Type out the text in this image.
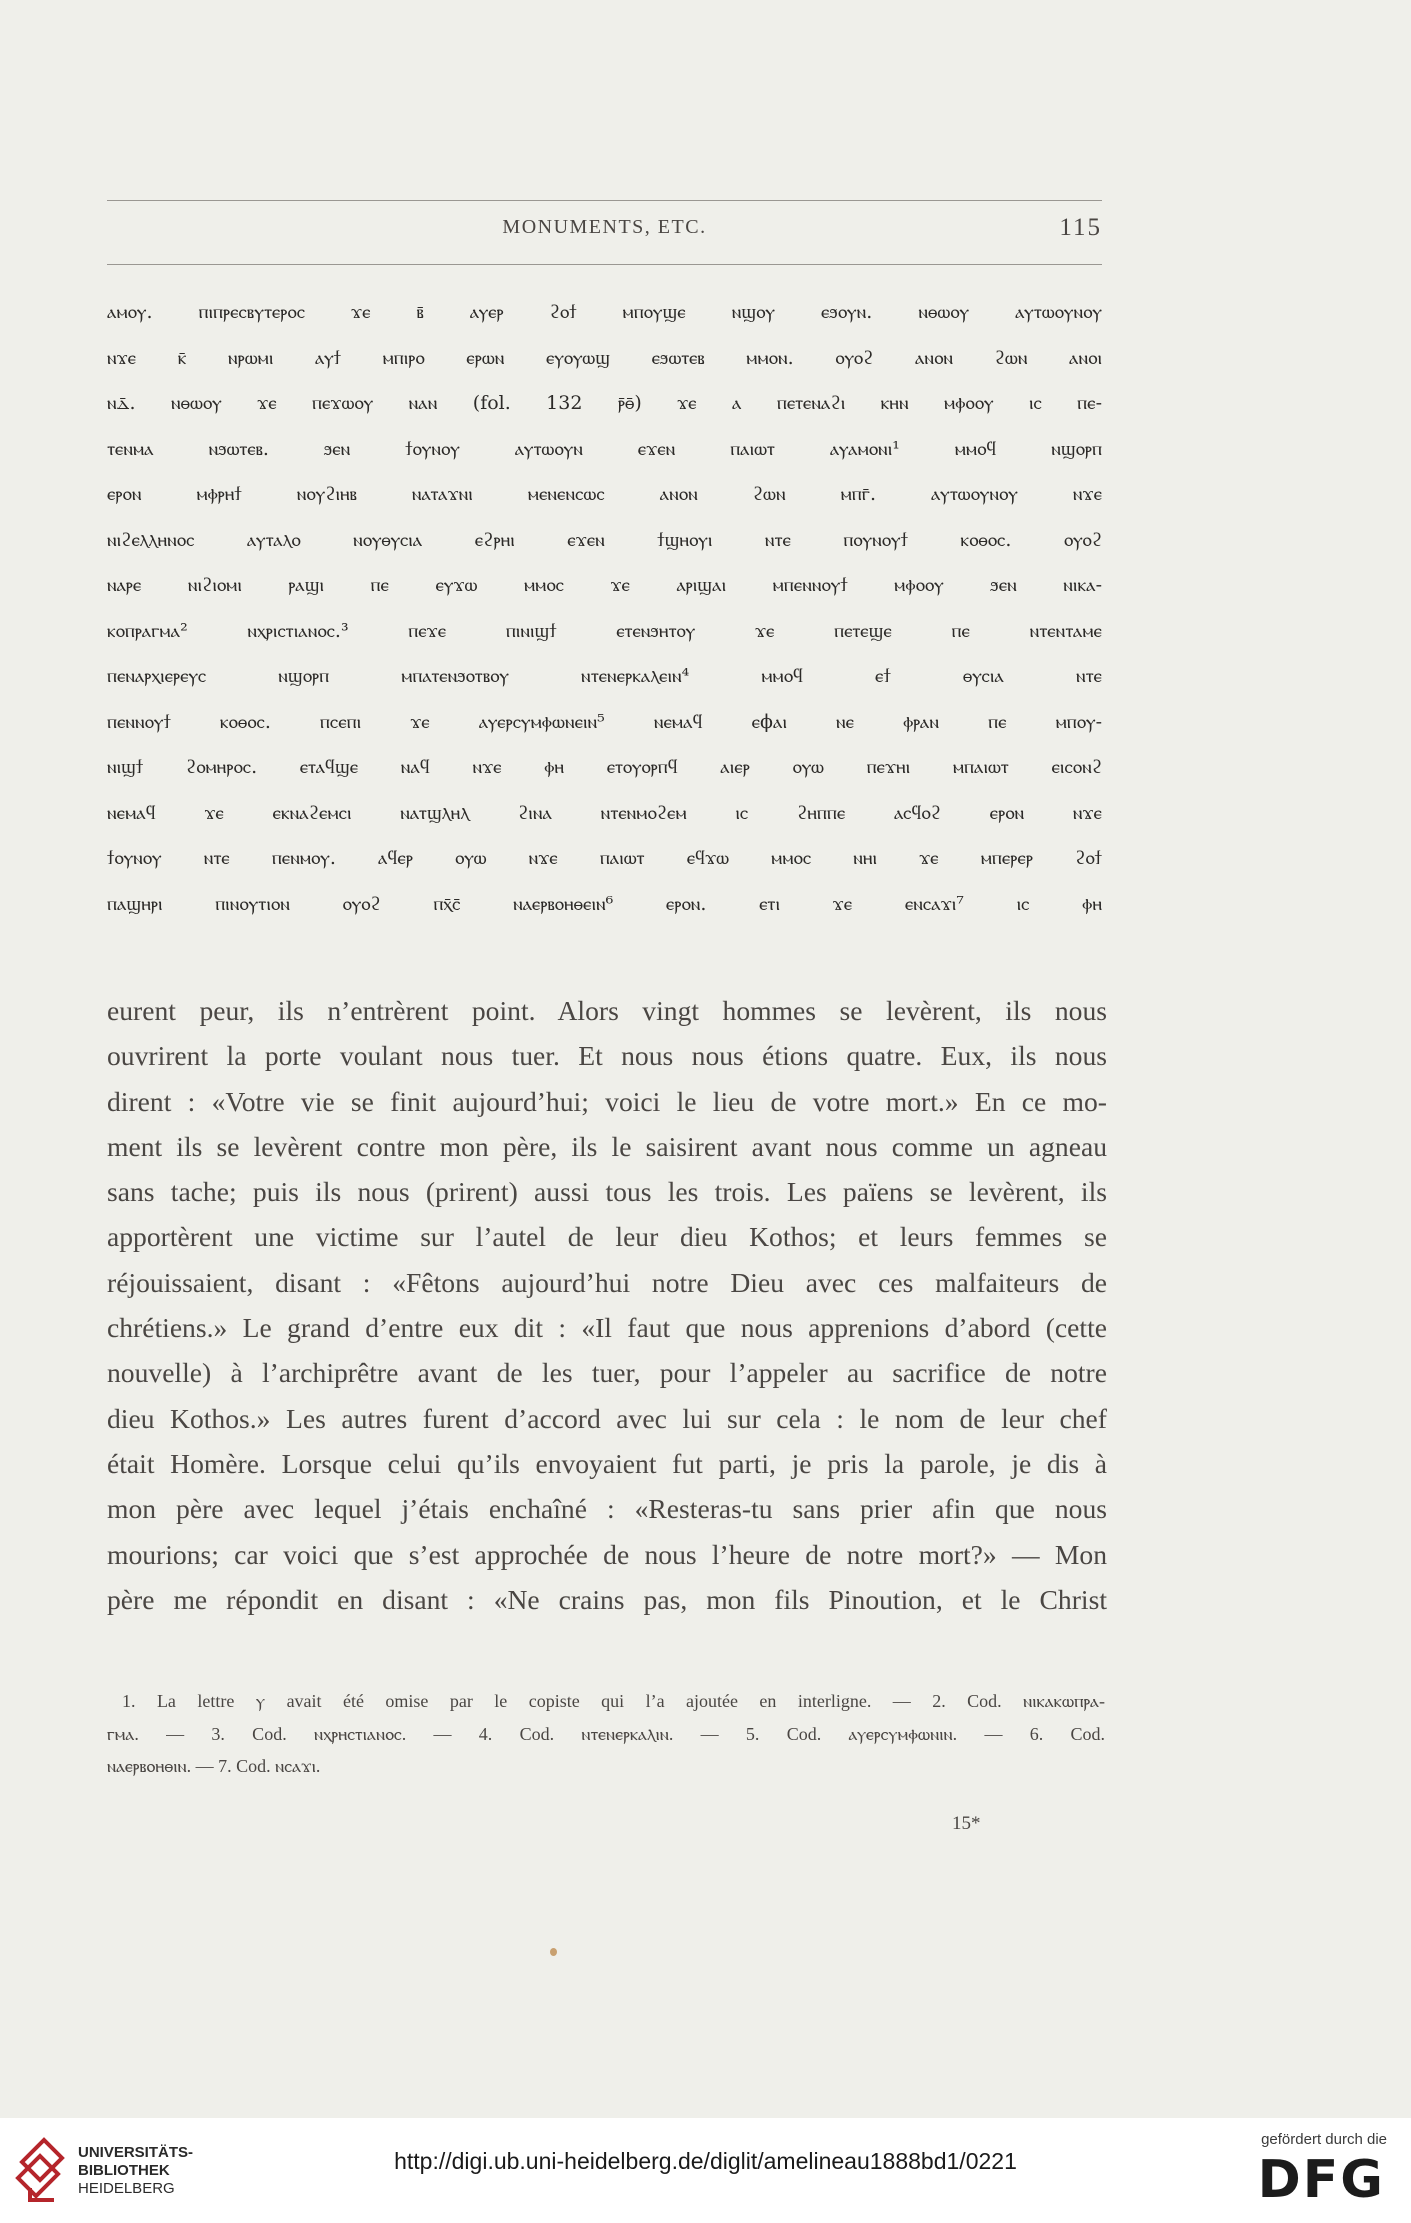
MONUMENTS, ETC.	115
ⲁⲙⲟⲩ. ⲡⲓⲡⲣⲉⲥⲃⲩⲧⲉⲣⲟⲥ ϫⲉ ⲃ̄ ⲁⲩⲉⲣ ϩⲟϯ ⲙⲡⲟⲩϣⲉ ⲛϣⲟⲩ ⲉϧⲟⲩⲛ. ⲛⲑⲱⲟⲩ ⲁⲩⲧⲱⲟⲩⲛⲟⲩ
ⲛϫⲉ ⲕ̄ ⲛⲣⲱⲙⲓ ⲁⲩϯ ⲙⲡⲓⲣⲟ ⲉⲣⲱⲛ ⲉⲩⲟⲩⲱϣ ⲉϧⲱⲧⲉⲃ ⲙⲙⲟⲛ. ⲟⲩⲟϩ ⲁⲛⲟⲛ ϩⲱⲛ ⲁⲛⲟⲓ
ⲛⲇ̄. ⲛⲑⲱⲟⲩ ϫⲉ ⲡⲉϫⲱⲟⲩ ⲛⲁⲛ (fol. 132 ⲣ̄ⲑ̄) ϫⲉ ⲁ ⲡⲉⲧⲉⲛⲁϩⲓ ⲕⲏⲛ ⲙⲫⲟⲟⲩ ⲓⲥ ⲡⲉ-
ⲧⲉⲛⲙⲁ ⲛϧⲱⲧⲉⲃ. ϧⲉⲛ ϯⲟⲩⲛⲟⲩ ⲁⲩⲧⲱⲟⲩⲛ ⲉϫⲉⲛ ⲡⲁⲓⲱⲧ ⲁⲩⲁⲙⲟⲛⲓ¹ ⲙⲙⲟϥ ⲛϣⲟⲣⲡ
ⲉⲣⲟⲛ ⲙⲫⲣⲏϯ ⲛⲟⲩϩⲓⲏⲃ ⲛⲁⲧⲁϫⲛⲓ ⲙⲉⲛⲉⲛⲥⲱⲥ ⲁⲛⲟⲛ ϩⲱⲛ ⲙⲡⲅ̄. ⲁⲩⲧⲱⲟⲩⲛⲟⲩ ⲛϫⲉ
ⲛⲓϩⲉⲗⲗⲏⲛⲟⲥ ⲁⲩⲧⲁⲗⲟ ⲛⲟⲩⲑⲩⲥⲓⲁ ⲉϩⲣⲏⲓ ⲉϫⲉⲛ ϯϣⲏⲟⲩⲓ ⲛⲧⲉ ⲡⲟⲩⲛⲟⲩϯ ⲕⲟⲑⲟⲥ. ⲟⲩⲟϩ
ⲛⲁⲣⲉ ⲛⲓϩⲓⲟⲙⲓ ⲣⲁϣⲓ ⲡⲉ ⲉⲩϫⲱ ⲙⲙⲟⲥ ϫⲉ ⲁⲣⲓϣⲁⲓ ⲙⲡⲉⲛⲛⲟⲩϯ ⲙⲫⲟⲟⲩ ϧⲉⲛ ⲛⲓⲕⲁ-
ⲕⲟⲡⲣⲁⲅⲙⲁ² ⲛⲭⲣⲓⲥⲧⲓⲁⲛⲟⲥ.³ ⲡⲉϫⲉ ⲡⲓⲛⲓϣϯ ⲉⲧⲉⲛϧⲏⲧⲟⲩ ϫⲉ ⲡⲉⲧⲉϣⲉ ⲡⲉ ⲛⲧⲉⲛⲧⲁⲙⲉ
ⲡⲉⲛⲁⲣⲭⲓⲉⲣⲉⲩⲥ ⲛϣⲟⲣⲡ ⲙⲡⲁⲧⲉⲛϧⲟⲧⲃⲟⲩ ⲛⲧⲉⲛⲉⲣⲕⲁⲗⲉⲓⲛ⁴ ⲙⲙⲟϥ ⲉϯ ⲑⲩⲥⲓⲁ ⲛⲧⲉ
ⲡⲉⲛⲛⲟⲩϯ ⲕⲟⲑⲟⲥ. ⲡⲥⲉⲡⲓ ϫⲉ ⲁⲩⲉⲣⲥⲩⲙⲫⲱⲛⲉⲓⲛ⁵ ⲛⲉⲙⲁϥ ⲉϕⲁⲓ ⲛⲉ ⲫⲣⲁⲛ ⲡⲉ ⲙⲡⲟⲩ-
ⲛⲓϣϯ ϩⲟⲙⲏⲣⲟⲥ. ⲉⲧⲁϥϣⲉ ⲛⲁϥ ⲛϫⲉ ⲫⲏ ⲉⲧⲟⲩⲟⲣⲡϥ ⲁⲓⲉⲣ ⲟⲩⲱ ⲡⲉϫⲏⲓ ⲙⲡⲁⲓⲱⲧ ⲉⲓⲥⲟⲛϩ
ⲛⲉⲙⲁϥ ϫⲉ ⲉⲕⲛⲁϩⲉⲙⲥⲓ ⲛⲁⲧϣⲗⲏⲗ ϩⲓⲛⲁ ⲛⲧⲉⲛⲙⲟϩⲉⲙ ⲓⲥ ϩⲏⲡⲡⲉ ⲁⲥϥⲟϩ ⲉⲣⲟⲛ ⲛϫⲉ
ϯⲟⲩⲛⲟⲩ ⲛⲧⲉ ⲡⲉⲛⲙⲟⲩ. ⲁϥⲉⲣ ⲟⲩⲱ ⲛϫⲉ ⲡⲁⲓⲱⲧ ⲉϥϫⲱ ⲙⲙⲟⲥ ⲛⲏⲓ ϫⲉ ⲙⲡⲉⲣⲉⲣ ϩⲟϯ
ⲡⲁϣⲏⲣⲓ ⲡⲓⲛⲟⲩⲧⲓⲟⲛ ⲟⲩⲟϩ ⲡⲭ̄ⲥ̄ ⲛⲁⲉⲣⲃⲟⲏⲑⲉⲓⲛ⁶ ⲉⲣⲟⲛ. ⲉⲧⲓ ϫⲉ ⲉⲛⲥⲁϫⲓ⁷ ⲓⲥ ⲫⲏ
eurent peur, ils n’entrèrent point. Alors vingt hommes se levèrent, ils nous
ouvrirent la porte voulant nous tuer. Et nous nous étions quatre. Eux, ils nous
dirent : «Votre vie se finit aujourd’hui; voici le lieu de votre mort.» En ce mo-
ment ils se levèrent contre mon père, ils le saisirent avant nous comme un agneau
sans tache; puis ils nous (prirent) aussi tous les trois. Les païens se levèrent, ils
apportèrent une victime sur l’autel de leur dieu Kothos; et leurs femmes se
réjouissaient, disant : «Fêtons aujourd’hui notre Dieu avec ces malfaiteurs de
chrétiens.» Le grand d’entre eux dit : «Il faut que nous apprenions d’abord (cette
nouvelle) à l’archiprêtre avant de les tuer, pour l’appeler au sacrifice de notre
dieu Kothos.» Les autres furent d’accord avec lui sur cela : le nom de leur chef
était Homère. Lorsque celui qu’ils envoyaient fut parti, je pris la parole, je dis à
mon père avec lequel j’étais enchaîné : «Resteras-tu sans prier afin que nous
mourions; car voici que s’est approchée de nous l’heure de notre mort?» — Mon
père me répondit en disant : «Ne crains pas, mon fils Pinoution, et le Christ
1. La lettre ⲩ avait été omise par le copiste qui l’a ajoutée en interligne. — 2. Cod. ⲛⲓⲕⲁⲕⲱⲡⲣⲁ-
ⲅⲙⲁ. — 3. Cod. ⲛⲭⲣⲏⲥⲧⲓⲁⲛⲟⲥ. — 4. Cod. ⲛⲧⲉⲛⲉⲣⲕⲁⲗⲓⲛ. — 5. Cod. ⲁⲩⲉⲣⲥⲩⲙⲫⲱⲛⲓⲛ. — 6. Cod.
ⲛⲁⲉⲣⲃⲟⲏⲑⲓⲛ. — 7. Cod. ⲛⲥⲁϫⲓ.
15*
UNIVERSITÄTS-
BIBLIOTHEK
HEIDELBERG
http://digi.ub.uni-heidelberg.de/diglit/amelineau1888bd1/0221
gefördert durch die
DFG
